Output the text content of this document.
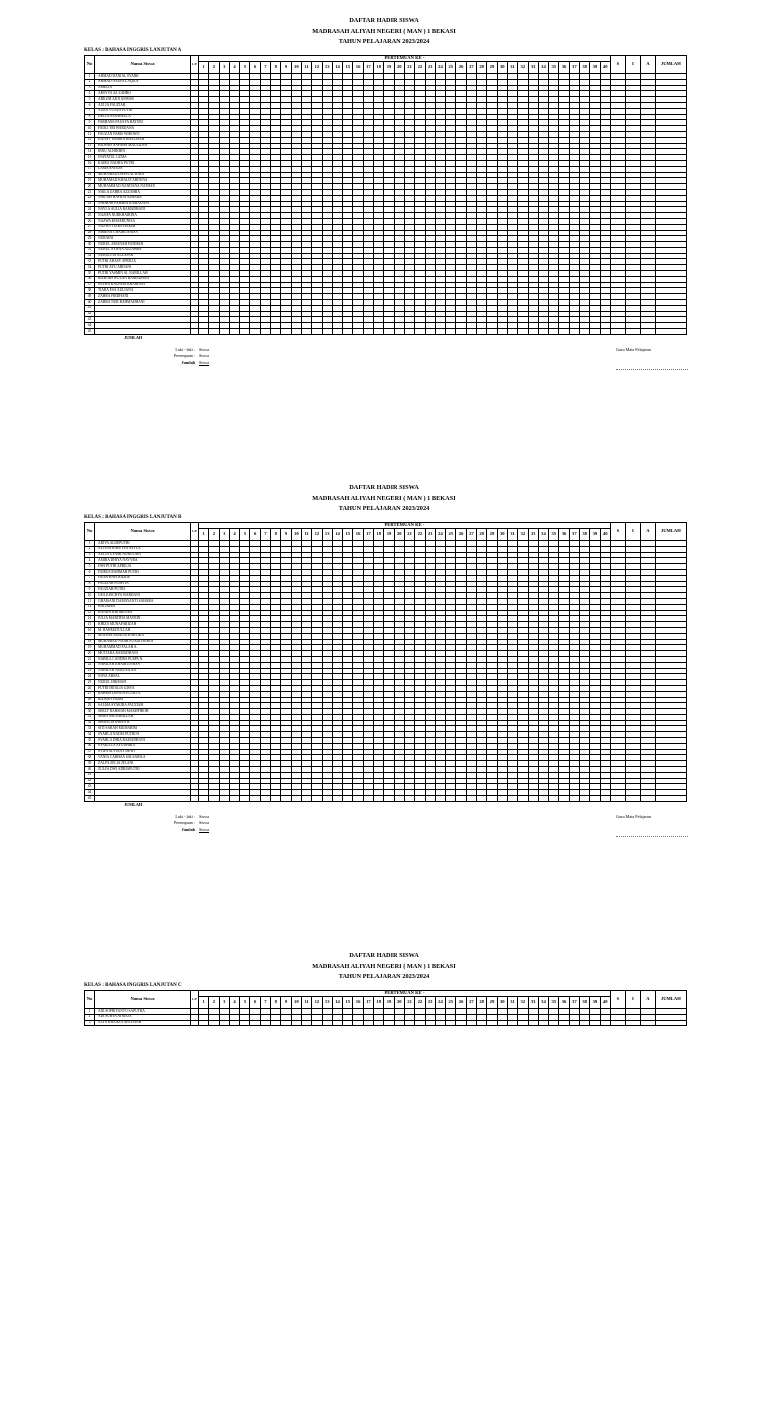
DAFTAR HADIR SISWA
MADRASAH ALIYAH NEGERI ( MAN ) 1 BEKASI
TAHUN PELAJARAN 2023/2024
KELAS : BAHASA INGGRIS LANJUTAN A
No	Nama Siswa	L/P	PERTEMUAN KE -																																								S	I	A	JUMLAH
			1	2	3	4	5	6	7	8	9	10	11	12	13	14	15	16	17	18	19	20	21	22	23	24	25	26	27	28	29	30	31	32	33	34	35	36	37	38	39	40				
1	AHMAD DANIAL SYAIRI																																													
2	AHMAD NAUFAL AQILA																																													
3	AMELIA																																													
4	ARSYVA AZ ZAHRO																																													
5	ARKUM ADJI ANWAR																																													
6	AULIA FAUZIAH																																													
7	AURA YUNUS PUTRI																																													
8	DELYA SASABELLA																																													
9	FARHANS FAUSYA RATUBI																																													
10	FADLI TRI WARDANA																																													
11	FAUZAN FARIS WIBOWO																																													
12	HANNY SAHIRA KHALISAH																																													
13	HILWAH NAFAHA MAULIDYA																																													
14	IBNU ALHIKHIN																																													
15	INAYATUL UZMA																																													
16	KAIRA NADHA PUTRI																																													
17	LAMA SAYIDA																																													
18	MUHAMAD DAFFI AL HADI																																													
19	MUHAMAD KHALIF ABDUNA																																													
20	MUHAMMAD NANDANA NATHAN																																													
21	NAILA ZAHRA AZZAHRA																																													
22	NAILAH HAFIDA AZHARA																																													
23	NADHAR FAHMIN RAMADANI																																													
24	NAYLA AULIA RAMADHANI																																													
25	NAZIFA NURKHAIRINA																																													
26	NAZWA KHAERUNISA																																													
27	NAZWA TIARA HAKIM																																													
28	NIMENA CHAIRUNNISA																																													
29	NURAINI																																													
30	NURUL AMANAH FATIHAH																																													
31	NURUL SYIFAA AZZAHRA																																													
32	NURULLIA ALZAFAR																																													
33	PUTRI ARASY APRILIA																																													
34	PUTRI AYU ARDANI																																													
35	PUTRI YASMIN AL NABILLAH																																													
36	RIZKIAH WULAN RAMADHAN																																													
37	SALWA KALFARI KHAIRANI																																													
38	TIARA ESA AULIANA																																													
39	ZAHRA FIRDHANI																																													
40	ZAHRA NUR RAHMADHANI																																													
41																																														
42																																														
43																																														
44																																														
45																																														
JUMLAH
Laki - laki : Siswa
Perempuan : Siswa
Jumlah Siswa
Guru Mata Pelajaran
DAFTAR HADIR SISWA
MADRASAH ALIYAH NEGERI ( MAN ) 1 BEKASI
TAHUN PELAJARAN 2023/2024
KELAS : BAHASA INGGRIS LANJUTAN B
No	Nama Siswa	L/P	PERTEMUAN KE -																																								S	I	A	JUMLAH
			1	2	3	4	5	6	7	8	9	10	11	12	13	14	15	16	17	18	19	20	21	22	23	24	25	26	27	28	29	30	31	32	33	34	35	36	37	38	39	40				
1	ADIVA ALDEPUTRI																																													
2	ALVINA RAFEYFA ASYLA																																													
3	AULIA UTAMI NURULAIN																																													
4	AMIRA DHIYA NAVYRA																																													
5	DWI PUTRI APRILIA																																													
6	FAIRUS RAHMAH PUTRI																																													
7	FATIH HAFI RIZKIE																																													
8	FAUZIAH PUSPITA																																													
9	FAUZIAH PUTRI																																													
10	GEA KINCHYA WARDANI																																													
11	GHAISANI DAMAYANTI SAHARA																																													
12	HALIMAH																																													
13	HANIFA KHOIRIYAH																																													
14	JULIA MARITHA MAYRIN																																													
15	KHIZA MUNAFARIZAH																																													
16	M. RAHMATULLAH																																													
17	MAYHIA AMALIA KARTIKA																																													
18	MUHAMAD NAJIB FUADI HUSEN																																													
19	MUHAMMAD FALAH A.																																													
20	MUTIARA RAMADHANI																																													
21	NABILA CANDRA PUSPA N.																																													
22	NABILAH KHAIRUNNISA																																													
23	NABILAH NURLAILATI																																													
24	NAYA ARSAL																																													
25	NURUL HIKMAH																																													
26	PUTRI IRTALIA GISYA																																													
27	RAHMA DONITA PUTRI A.																																													
28	RIZWAN FAZRI																																													
29	SALMA SYAKIRA FAUZIAH																																													
30	SERLY RAHMAH MAKHFIROH																																													
31	SHIFA SALSABILLAH																																													
32	SHOFILIA IHSAN R.																																													
33	SITI SARAH MUMARIM																																													
34	SYAHLA NADIA PUTRI H																																													
35	SYAHLA DHIA RAMADHANI																																													
36	SYAKILLA AYUDHIKA																																													
37	SYIFA ALVIANY DEWI																																													
38	VANIA CARISSA SALSABILA																																													
39	ZALFA ZELIA JELANI																																													
40	ZULFA DWI ADRIAPUTRI																																													
41																																														
42																																														
43																																														
44																																														
45																																														
JUMLAH
Laki - laki : Siswa
Perempuan : Siswa
Jumlah Siswa
Guru Mata Pelajaran
DAFTAR HADIR SISWA
MADRASAH ALIYAH NEGERI ( MAN ) 1 BEKASI
TAHUN PELAJARAN 2023/2024
KELAS : BAHASA INGGRIS LANJUTAN C
No	Nama Siswa	L/P	PERTEMUAN KE -																																								S	I	A	JUMLAH
			1	2	3	4	5	6	7	8	9	10	11	12	13	14	15	16	17	18	19	20	21	22	23	24	25	26	27	28	29	30	31	32	33	34	35	36	37	38	39	40				
1	ADI SOPRIYANTO SAPUTRA																																													
2	ADI SURYA ATMAJA																																													
3	ALYA KHANZA AFATINAH																																													
